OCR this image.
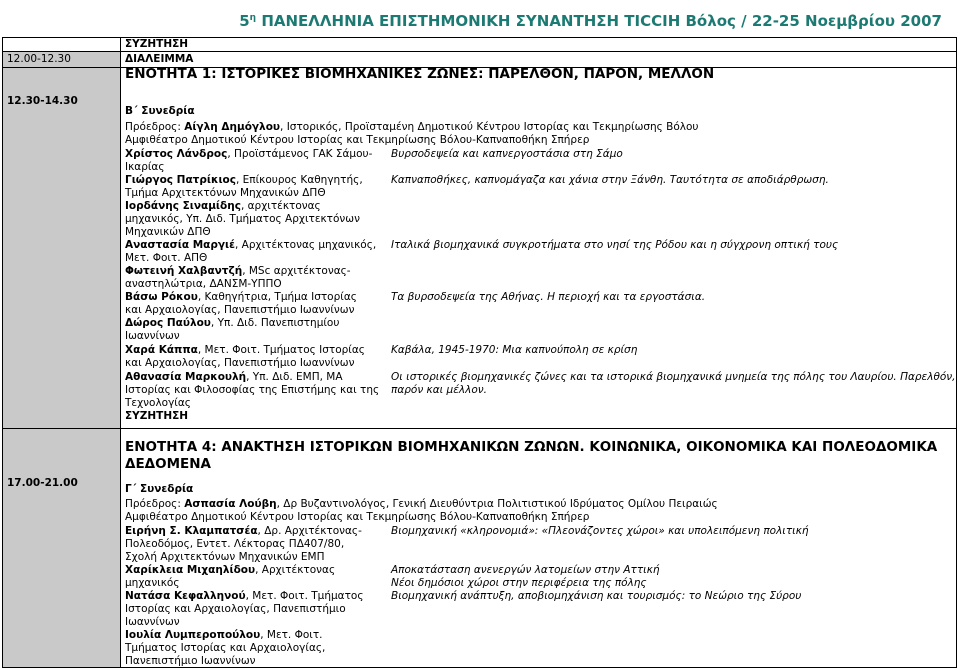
$5^\eta$ ΠΑΝΕΛΛΗΝΙΑ ΕΠΙΣΤΗΜΟΝΙΚΗ ΣΥΝΑΝΤΗΣΗ ΤΙCCΙΗ Βόλος / 22-25 Νοεμβρίου 2007
ΣΥΖΗΤΗΣΗ
12.00-12.30	ΔΙΑΛΕΙΜΜΑ
12.30-14.30
ΕΝΟΤΗΤΑ 1: ΙΣΤΟΡΙΚΕΣ ΒΙΟΜΗΧΑΝΙΚΕΣ ΖΩΝΕΣ: ΠΑΡΕΛΘΟΝ, ΠΑΡΟΝ, ΜΕΛΛΟΝ
Β΄ Συνεδρία
Πρόεδρος: Αίγλη Δημόγλου, Ιστορικός, Προϊσταμένη Δημοτικού Κέντρου Ιστορίας και Τεκμηρίωσης Βόλου
Αμφιθέατρο Δημοτικού Κέντρου Ιστορίας και Τεκμηρίωσης Βόλου-Καπναποθήκη Σπήρερ
Χρίστος Λάνδρος, Προϊστάμενος ΓΑΚ Σάμου-
Ικαρίας
Βυρσοδεψεία και καπνεργοστάσια στη Σάμο
Γιώργος Πατρίκιος, Επίκουρος Καθηγητής,
Τμήμα Αρχιτεκτόνων Μηχανικών ΔΠΘ
Ιορδάνης Σιναμίδης, αρχιτέκτονας
μηχανικός, Υπ. Διδ. Τμήματος Αρχιτεκτόνων
Μηχανικών ΔΠΘ
Καπναποθήκες, καπνομάγαζα και χάνια στην Ξάνθη. Ταυτότητα σε αποδιάρθρωση.
Αναστασία Μαργιέ, Αρχιτέκτονας μηχανικός,
Μετ. Φοιτ. ΑΠΘ
Φωτεινή Χαλβαντζή, MSc αρχιτέκτονας-
αναστηλώτρια, ΔΑΝΣΜ-ΥΠΠΟ
Ιταλικά βιομηχανικά συγκροτήματα στο νησί της Ρόδου και η σύγχρονη οπτική τους
Βάσω Ρόκου, Καθηγήτρια, Τμήμα Ιστορίας
και Αρχαιολογίας, Πανεπιστήμιο Ιωαννίνων
Δώρος Παύλου, Υπ. Διδ. Πανεπιστημίου
Ιωαννίνων
Τα βυρσοδεψεία της Αθήνας. Η περιοχή και τα εργοστάσια.
Χαρά Κάππα, Μετ. Φοιτ. Τμήματος Ιστορίας
και Αρχαιολογίας, Πανεπιστήμιο Ιωαννίνων
Καβάλα, 1945-1970: Μια καπνούπολη σε κρίση
Αθανασία Μαρκουλή, Υπ. Διδ. ΕΜΠ, ΜΑ
Ιστορίας και Φιλοσοφίας της Επιστήμης και της
Τεχνολογίας
Οι ιστορικές βιομηχανικές ζώνες και τα ιστορικά βιομηχανικά μνημεία της πόλης του Λαυρίου. Παρελθόν,
παρόν και μέλλον.
ΣΥΖΗΤΗΣΗ
17.00-21.00
ΕΝΟΤΗΤΑ 4: ΑΝΑΚΤΗΣΗ ΙΣΤΟΡΙΚΩΝ ΒΙΟΜΗΧΑΝΙΚΩΝ ΖΩΝΩΝ. ΚΟΙΝΩΝΙΚΑ, ΟΙΚΟΝΟΜΙΚΑ ΚΑΙ ΠΟΛΕΟΔΟΜΙΚΑ
ΔΕΔΟΜΕΝΑ
Γ΄ Συνεδρία
Πρόεδρος: Ασπασία Λούβη, Δρ Βυζαντινολόγος, Γενική Διευθύντρια Πολιτιστικού Ιδρύματος Ομίλου Πειραιώς
Αμφιθέατρο Δημοτικού Κέντρου Ιστορίας και Τεκμηρίωσης Βόλου-Καπναποθήκη Σπήρερ
Ειρήνη Σ. Κλαμπατσέα, Δρ. Αρχιτέκτονας-
Πολεοδόμος, Εντετ. Λέκτορας ΠΔ407/80,
Σχολή Αρχιτεκτόνων Μηχανικών ΕΜΠ
Βιομηχανική «κληρονομιά»: «Πλεονάζοντες χώροι» και υπολειπόμενη πολιτική
Χαρίκλεια Μιχαηλίδου, Αρχιτέκτονας
μηχανικός
Αποκατάσταση ανενεργών λατομείων στην Αττική
Νέοι δημόσιοι χώροι στην περιφέρεια της πόλης
Νατάσα Κεφαλληνού, Μετ. Φοιτ. Τμήματος
Ιστορίας και Αρχαιολογίας, Πανεπιστήμιο
Ιωαννίνων
Βιομηχανική ανάπτυξη, αποβιομηχάνιση και τουρισμός: το Νεώριο της Σύρου
Ιουλία Λυμπεροπούλου, Μετ. Φοιτ.
Τμήματος Ιστορίας και Αρχαιολογίας,
Πανεπιστήμιο Ιωαννίνων
